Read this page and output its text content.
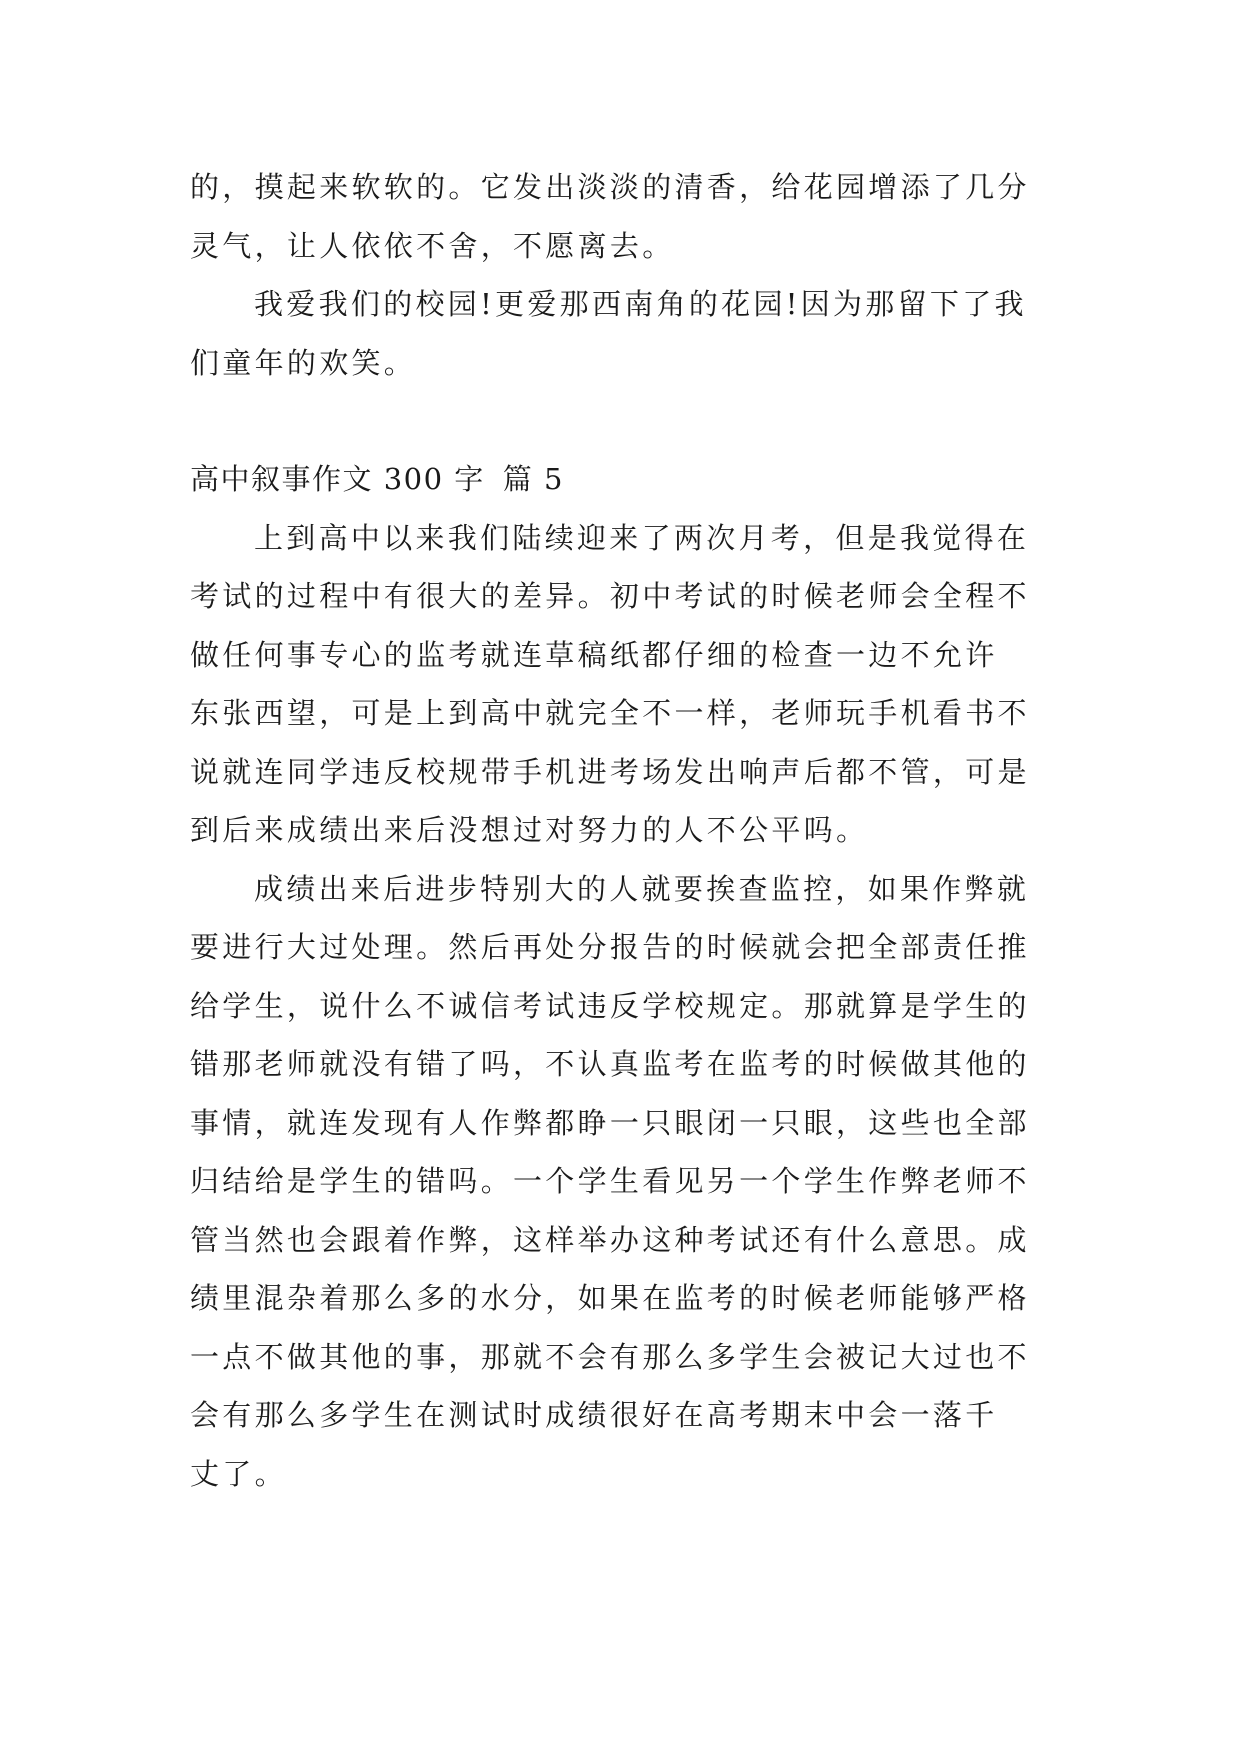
的，摸起来软软的。它发出淡淡的清香，给花园增添了几分
灵气，让人依依不舍，不愿离去。
我爱我们的校园!更爱那西南角的花园!因为那留下了我
们童年的欢笑。
高中叙事作文 300 字 篇 5
上到高中以来我们陆续迎来了两次月考，但是我觉得在
考试的过程中有很大的差异。初中考试的时候老师会全程不
做任何事专心的监考就连草稿纸都仔细的检查一边不允许
东张西望，可是上到高中就完全不一样，老师玩手机看书不
说就连同学违反校规带手机进考场发出响声后都不管，可是
到后来成绩出来后没想过对努力的人不公平吗。
成绩出来后进步特别大的人就要挨查监控，如果作弊就
要进行大过处理。然后再处分报告的时候就会把全部责任推
给学生，说什么不诚信考试违反学校规定。那就算是学生的
错那老师就没有错了吗，不认真监考在监考的时候做其他的
事情，就连发现有人作弊都睁一只眼闭一只眼，这些也全部
归结给是学生的错吗。一个学生看见另一个学生作弊老师不
管当然也会跟着作弊，这样举办这种考试还有什么意思。成
绩里混杂着那么多的水分，如果在监考的时候老师能够严格
一点不做其他的事，那就不会有那么多学生会被记大过也不
会有那么多学生在测试时成绩很好在高考期末中会一落千
丈了。
